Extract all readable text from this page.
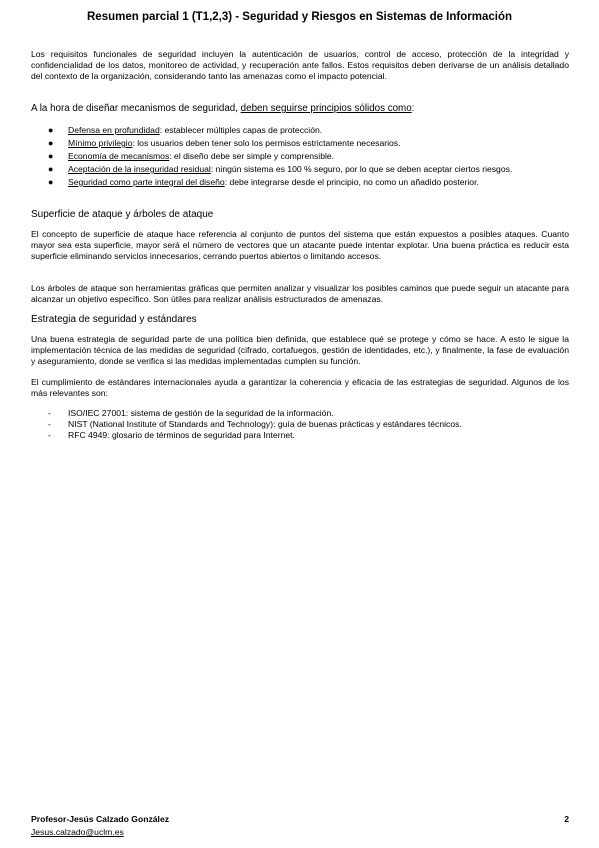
Resumen parcial 1 (T1,2,3) - Seguridad y Riesgos en Sistemas de Información

Los requisitos funcionales de seguridad incluyen la autenticación de usuarios, control de acceso, protección de la integridad y confidencialidad de los datos, monitoreo de actividad, y recuperación ante fallos. Estos requisitos deben derivarse de un análisis detallado del contexto de la organización, considerando tanto las amenazas como el impacto potencial.

A la hora de diseñar mecanismos de seguridad, deben seguirse principios sólidos como:

● Defensa en profundidad: establecer múltiples capas de protección.
● Mínimo privilegio: los usuarios deben tener solo los permisos estrictamente necesarios.
● Economía de mecanismos: el diseño debe ser simple y comprensible.
● Aceptación de la inseguridad residual: ningún sistema es 100 % seguro, por lo que se deben aceptar ciertos riesgos.
● Seguridad como parte integral del diseño: debe integrarse desde el principio, no como un añadido posterior.

Superficie de ataque y árboles de ataque

El concepto de superficie de ataque hace referencia al conjunto de puntos del sistema que están expuestos a posibles ataques. Cuanto mayor sea esta superficie, mayor será el número de vectores que un atacante puede intentar explotar. Una buena práctica es reducir esta superficie eliminando servicios innecesarios, cerrando puertos abiertos o limitando accesos.

Los árboles de ataque son herramientas gráficas que permiten analizar y visualizar los posibles caminos que puede seguir un atacante para alcanzar un objetivo específico. Son útiles para realizar análisis estructurados de amenazas.

Estrategia de seguridad y estándares

Una buena estrategia de seguridad parte de una política bien definida, que establece qué se protege y cómo se hace. A esto le sigue la implementación técnica de las medidas de seguridad (cifrado, cortafuegos, gestión de identidades, etc.), y finalmente, la fase de evaluación y aseguramiento, donde se verifica si las medidas implementadas cumplen su función.

El cumplimiento de estándares internacionales ayuda a garantizar la coherencia y eficacia de las estrategias de seguridad. Algunos de los más relevantes son:

- ISO/IEC 27001: sistema de gestión de la seguridad de la información.
- NIST (National Institute of Standards and Technology): guía de buenas prácticas y estándares técnicos.
- RFC 4949: glosario de términos de seguridad para Internet.
Profesor-Jesús Calzado González
Jesus.calzado@uclm.es
2
